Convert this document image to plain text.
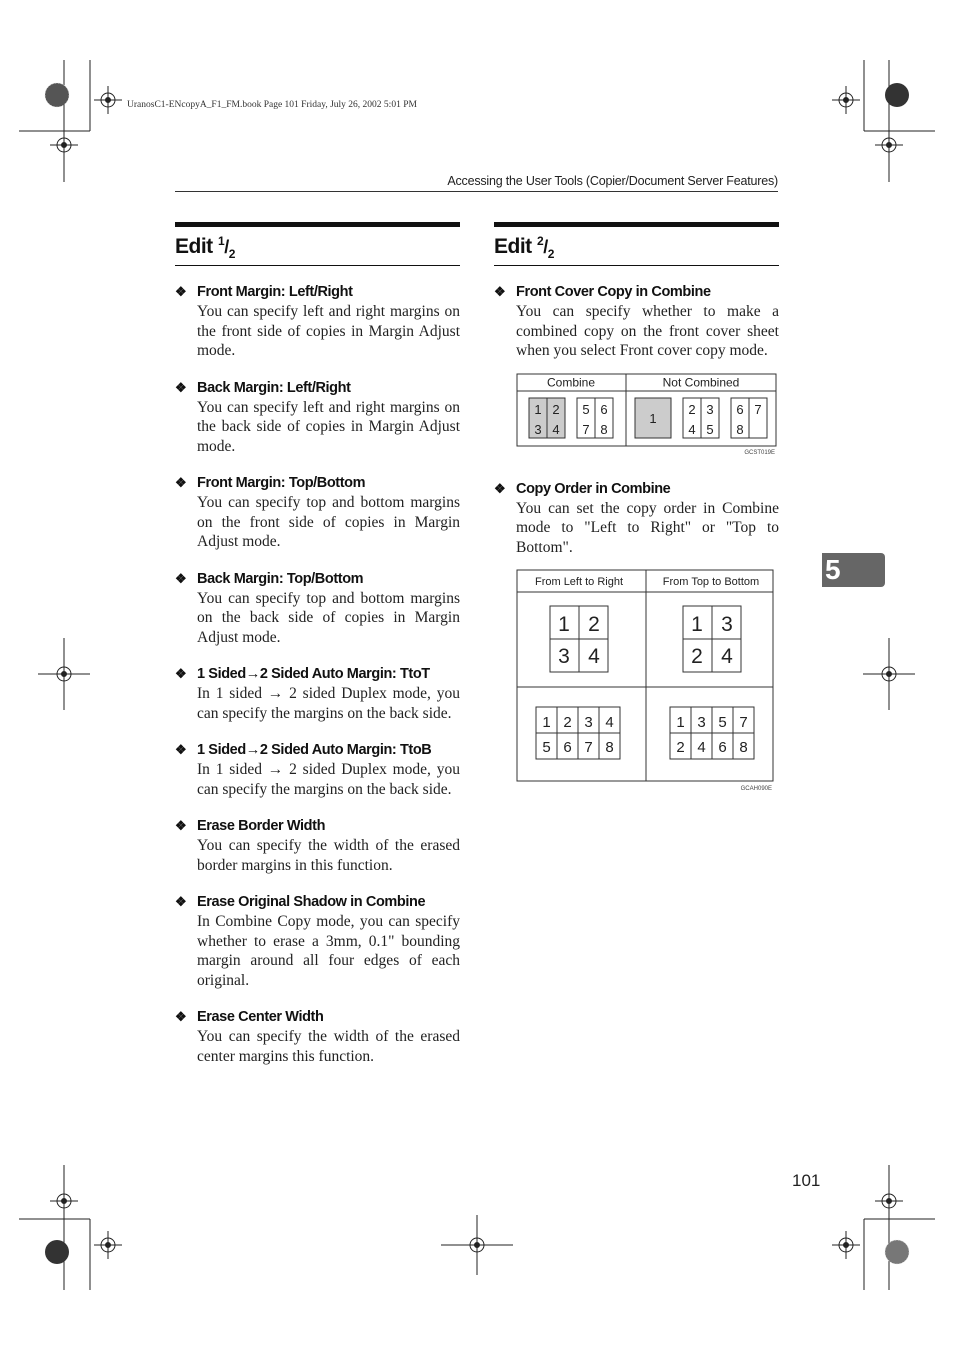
UranosC1-ENcopyA_F1_FM.book Page 101 Friday, July 26, 2002 5:01 PM
Accessing the User Tools (Copier/Document Server Features)
Edit $^1/_2$
❖ Front Margin: Left/Right
You can specify left and right margins on the front side of copies in Margin Adjust mode.
❖ Back Margin: Left/Right
You can specify left and right margins on the back side of copies in Margin Adjust mode.
❖ Front Margin: Top/Bottom
You can specify top and bottom margins on the front side of copies in Margin Adjust mode.
❖ Back Margin: Top/Bottom
You can specify top and bottom margins on the back side of copies in Margin Adjust mode.
❖ 1 Sided→2 Sided Auto Margin: TtoT
In 1 sided → 2 sided Duplex mode, you can specify the margins on the back side.
❖ 1 Sided→2 Sided Auto Margin: TtoB
In 1 sided → 2 sided Duplex mode, you can specify the margins on the back side.
❖ Erase Border Width
You can specify the width of the erased border margins in this function.
❖ Erase Original Shadow in Combine
In Combine Copy mode, you can specify whether to erase a 3mm, 0.1" bounding margin around all four edges of each original.
❖ Erase Center Width
You can specify the width of the erased center margins this function.
Edit $^2/_2$
❖ Front Cover Copy in Combine
You can specify whether to make a combined copy on the front cover sheet when you select Front cover copy mode.
Combine	Not Combined
1 2
3 4
5 6
7 8
1
2 3
4 5
6 7
8
GCST019E
❖ Copy Order in Combine
You can set the copy order in Combine mode to "Left to Right" or "Top to Bottom".
From Left to Right	From Top to Bottom
1 2
3 4
1 3
2 4
1 2 3 4
5 6 7 8
1 3 5 7
2 4 6 8
GCAH090E
5
101
